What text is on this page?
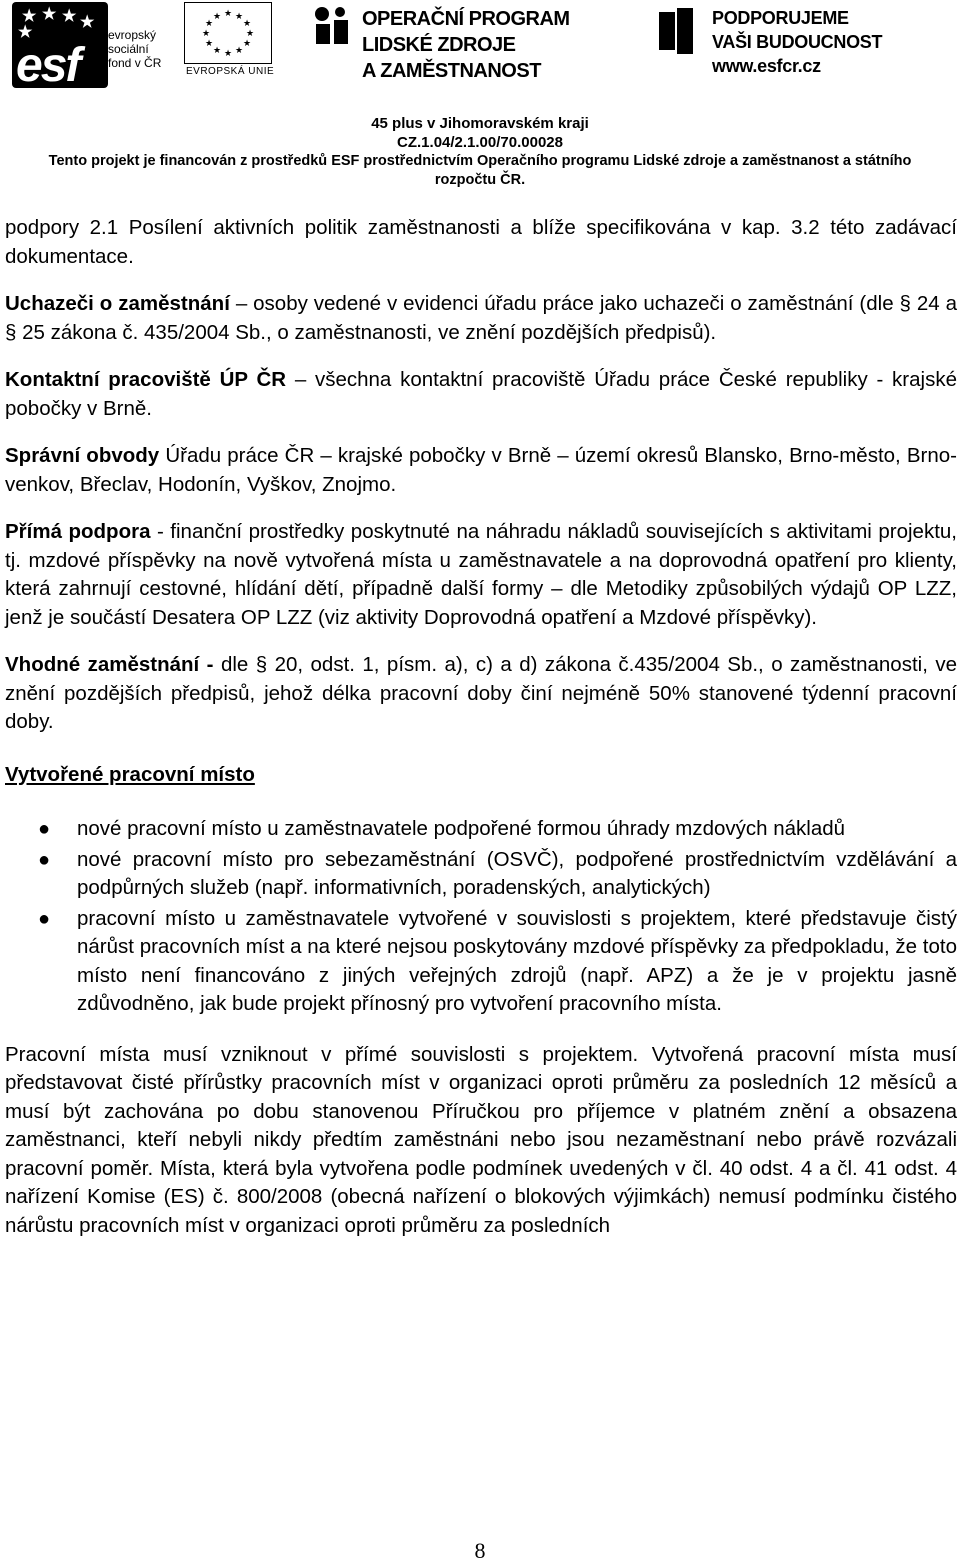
★ ★ ★ ★
★
esf
evropský
sociální
fond v ČR
★ ★
★
★
★
★
★
★
★
★
★
★
EVROPSKÁ UNIE
OPERAČNÍ PROGRAM
LIDSKÉ ZDROJE
A ZAMĚSTNANOST
PODPORUJEME
VAŠI BUDOUCNOST
www.esfcr.cz
45 plus v Jihomoravském kraji
CZ.1.04/2.1.00/70.00028
Tento projekt je financován z prostředků ESF prostřednictvím Operačního programu Lidské zdroje a zaměstnanost a státního
rozpočtu ČR.

podpory 2.1 Posílení aktivních politik zaměstnanosti a blíže specifikována v kap. 3.2 této zadávací dokumentace.

Uchazeči o zaměstnání – osoby vedené v evidenci úřadu práce jako uchazeči o zaměstnání (dle § 24 a § 25 zákona č. 435/2004 Sb., o zaměstnanosti, ve znění pozdějších předpisů).

Kontaktní pracoviště ÚP ČR – všechna kontaktní pracoviště Úřadu práce České republiky - krajské pobočky v Brně.

Správní obvody Úřadu práce ČR – krajské pobočky v Brně – území okresů Blansko, Brno-město, Brno-venkov, Břeclav, Hodonín, Vyškov, Znojmo.

Přímá podpora - finanční prostředky poskytnuté na náhradu nákladů souvisejících s aktivitami projektu, tj. mzdové příspěvky na nově vytvořená místa u zaměstnavatele a na doprovodná opatření pro klienty, která zahrnují cestovné, hlídání dětí, případně další formy – dle Metodiky způsobilých výdajů OP LZZ, jenž je součástí Desatera OP LZZ (viz aktivity Doprovodná opatření a Mzdové příspěvky).

Vhodné zaměstnání - dle § 20, odst. 1, písm. a), c) a d) zákona č.435/2004 Sb., o zaměstnanosti, ve znění pozdějších předpisů, jehož délka pracovní doby činí nejméně 50% stanovené týdenní pracovní doby.

Vytvořené pracovní místo

● nové pracovní místo u zaměstnavatele podpořené formou úhrady mzdových nákladů
● nové pracovní místo pro sebezaměstnání (OSVČ), podpořené prostřednictvím vzdělávání a podpůrných služeb (např. informativních, poradenských, analytických)
● pracovní místo u zaměstnavatele vytvořené v souvislosti s projektem, které představuje čistý nárůst pracovních míst a na které nejsou poskytovány mzdové příspěvky za předpokladu, že toto místo není financováno z jiných veřejných zdrojů (např. APZ) a že je v projektu jasně zdůvodněno, jak bude projekt přínosný pro vytvoření pracovního místa.

Pracovní místa musí vzniknout v přímé souvislosti s projektem. Vytvořená pracovní místa musí představovat čisté přírůstky pracovních míst v organizaci oproti průměru za posledních 12 měsíců a musí být zachována po dobu stanovenou Příručkou pro příjemce v platném znění a obsazena zaměstnanci, kteří nebyli nikdy předtím zaměstnáni nebo jsou nezaměstnaní nebo právě rozvázali pracovní poměr. Místa, která byla vytvořena podle podmínek uvedených v čl. 40 odst. 4 a čl. 41 odst. 4 nařízení Komise (ES) č. 800/2008 (obecná nařízení o blokových výjimkách) nemusí podmínku čistého nárůstu pracovních míst v organizaci oproti průměru za posledních

8
